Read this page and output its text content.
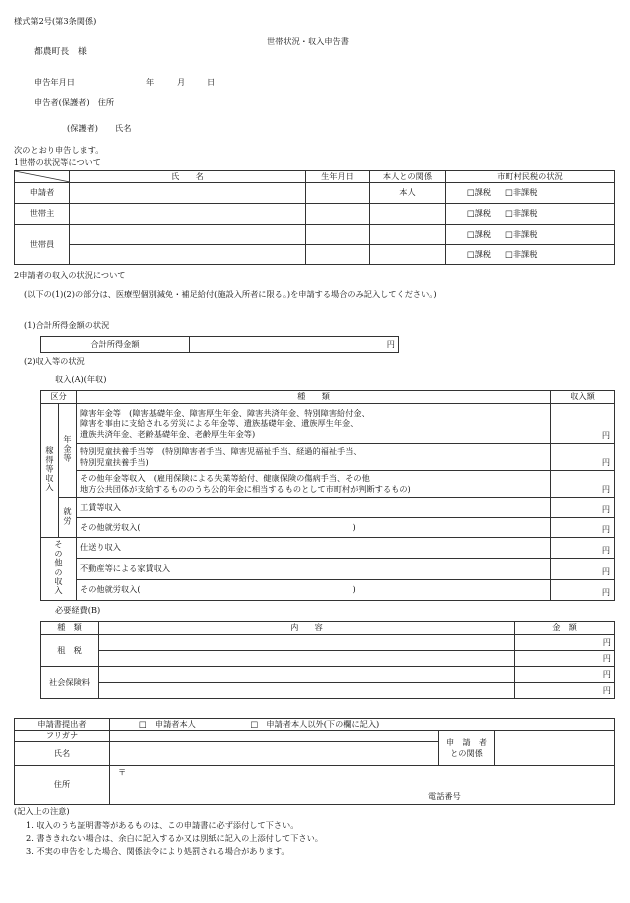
様式第2号(第3条関係)
世帯状況・収入申告書
都農町長　様
申告年月日	年	月	日
申告者(保護者)　住所
(保護者) 氏名
次のとおり申告します。
1世帯の状況等について
	氏　　名	生年月日	本人との関係	市町村民税の状況
申請者			本人	□課税 □非課税
世帯主				□課税 □非課税
世帯員				□課税 □非課税
				□課税 □非課税
2申請者の収入の状況について
(以下の(1)(2)の部分は、医療型個別減免・補足給付(施設入所者に限る。)を申請する場合のみ記入してください。)
(1)合計所得金額の状況
合計所得金額	円
(2)収入等の状況
収入(A)(年収)
区分		種　　類	収入額
稼得等収入	年金等	障害年金等　(障害基礎年金、障害厚生年金、障害共済年金、特別障害給付金、
障害を事由に支給される労災による年金等、遺族基礎年金、遺族厚生年金、
遺族共済年金、老齢基礎年金、老齢厚生年金等)	円

		特別児童扶養手当等　(特別障害者手当、障害児福祉手当、経過的福祉手当、
特別児童扶養手当)	円

		その他年金等収入　(雇用保険による失業等給付、健康保険の傷病手当、その他
地方公共団体が支給するもののうち公的年金に相当するものとして市町村が判断するもの)	円

	就労	工賃等収入	円

		その他就労収入( )	円

その他の収入		仕送り収入	円

		不動産等による家賃収入	円

		その他就労収入( )	円
必要経費(B)
種　類	内　　容	金　額
租　税		円
		円
社会保険料		円
		円
申請書提出者	□　申請者本人 □　申請者本人以外(下の欄に記入)		
フリガナ		申　請　者
との関係	
氏名			
住所	〒
電話番号		
(記入上の注意)
1. 収入のうち証明書等があるものは、この申請書に必ず添付して下さい。
2. 書ききれない場合は、余白に記入するか又は別紙に記入の上添付して下さい。
3. 不実の申告をした場合、関係法令により処罰される場合があります。
